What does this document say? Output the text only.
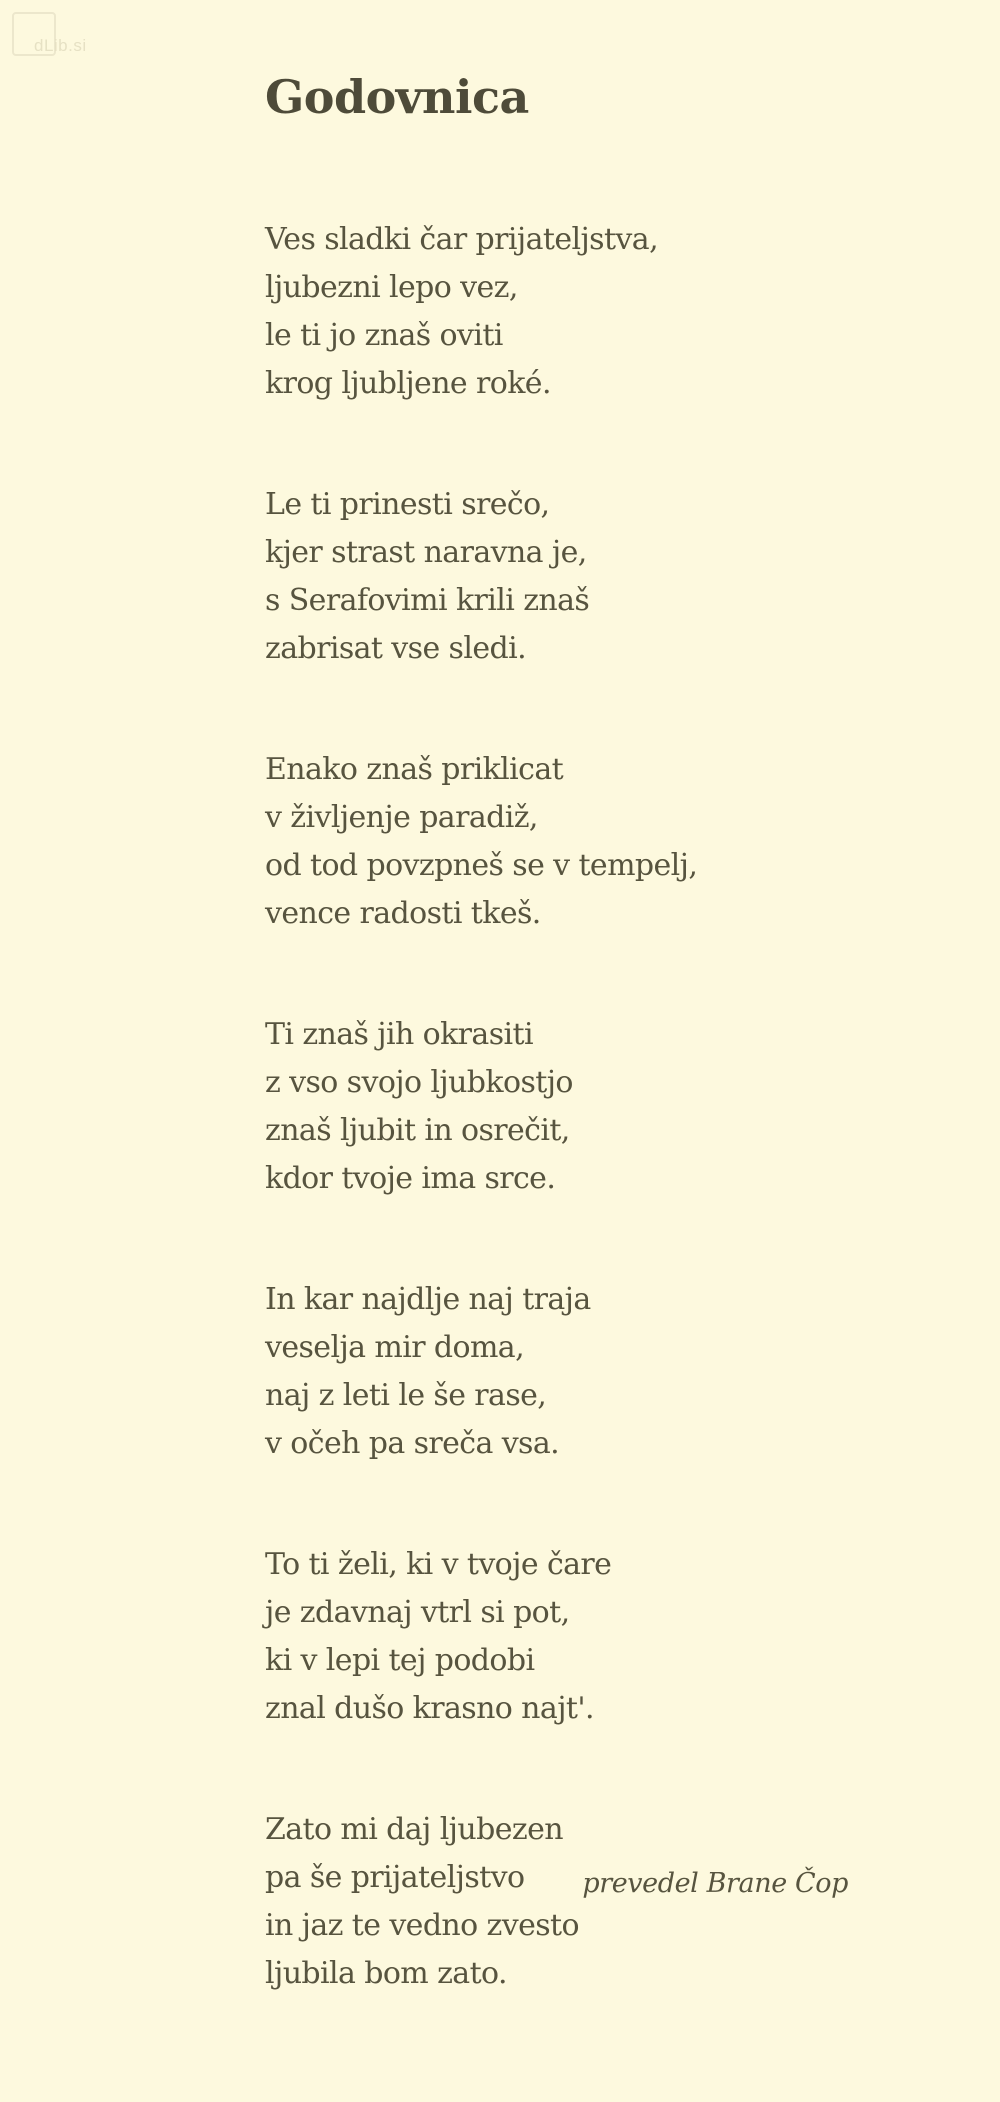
dLib.si
Godovnica
Ves sladki čar prijateljstva,
ljubezni lepo vez,
le ti jo znaš oviti
krog ljubljene roké.
Le ti prinesti srečo,
kjer strast naravna je,
s Serafovimi krili znaš
zabrisat vse sledi.
Enako znaš priklicat
v življenje paradiž,
od tod povzpneš se v tempelj,
vence radosti tkeš.
Ti znaš jih okrasiti
z vso svojo ljubkostjo
znaš ljubit in osrečit,
kdor tvoje ima srce.
In kar najdlje naj traja
veselja mir doma,
naj z leti le še rase,
v očeh pa sreča vsa.
To ti želi, ki v tvoje čare
je zdavnaj vtrl si pot,
ki v lepi tej podobi
znal dušo krasno najt'.
Zato mi daj ljubezen
pa še prijateljstvo
in jaz te vedno zvesto
ljubila bom zato.
prevedel Brane Čop
